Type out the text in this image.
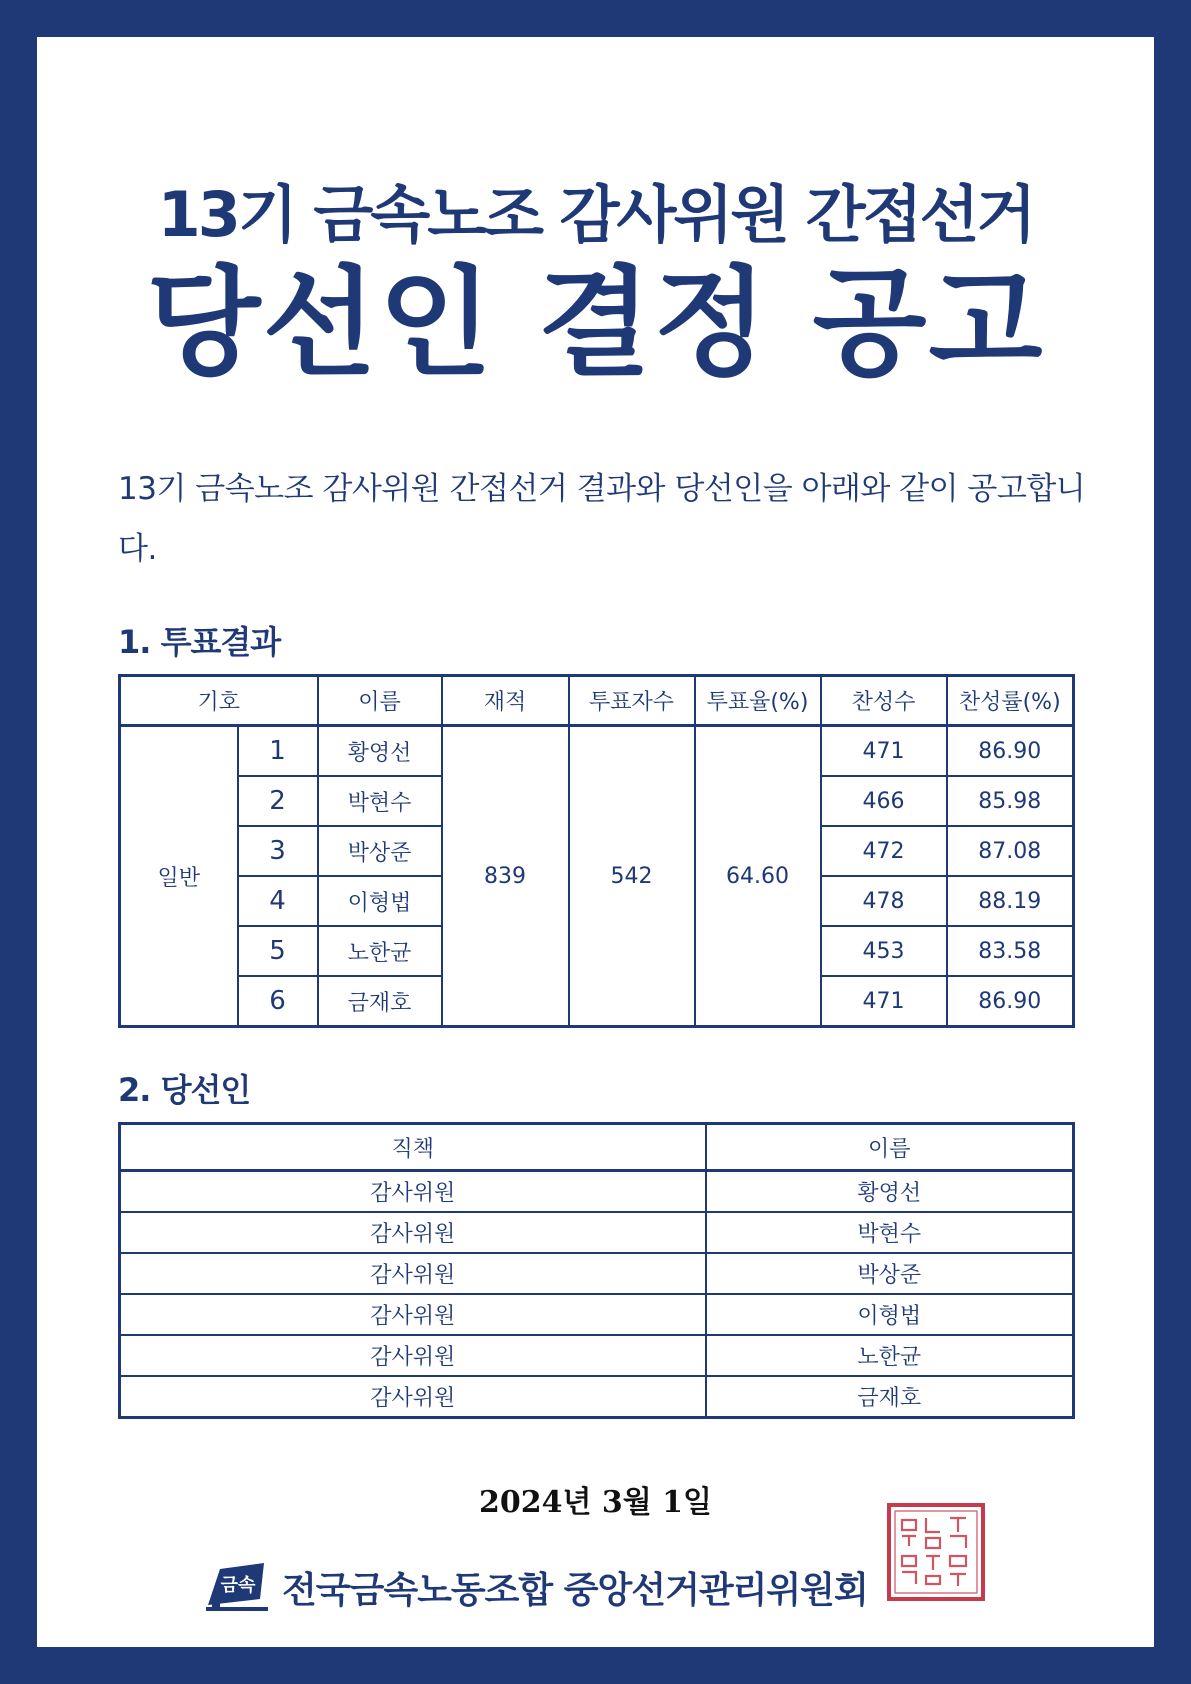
13기 금속노조 감사위원 간접선거
당선인 결정 공고
13기 금속노조 감사위원 간접선거 결과와 당선인을 아래와 같이 공고합니다.
1. 투표결과
기호		이름	재적	투표자수	투표율(%)	찬성수	찬성률(%)
일반	1	황영선	839	542	64.60	471	86.90
	2	박현수				466	85.98
	3	박상준				472	87.08
	4	이형법				478	88.19
	5	노한균				453	83.58
	6	금재호				471	86.90
2. 당선인
직책	이름
감사위원	황영선
감사위원	박현수
감사위원	박상준
감사위원	이형법
감사위원	노한균
감사위원	금재호
2024년 3월 1일
금속 전국금속노동조합 중앙선거관리위원회
